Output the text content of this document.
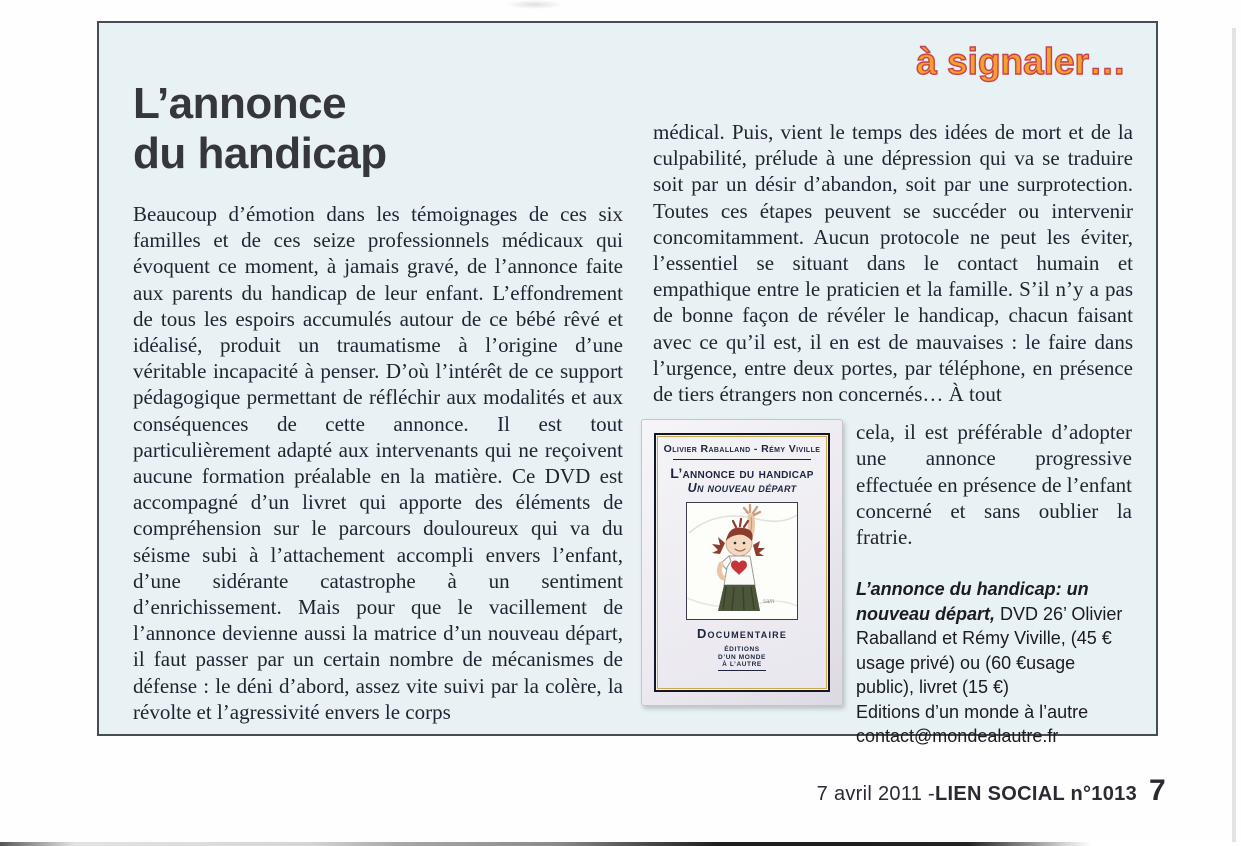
à signaler…
L’annonce
du handicap
Beaucoup d’émotion dans les témoignages de ces six familles et de ces seize professionnels médicaux qui évoquent ce moment, à jamais gravé, de l’annonce faite aux parents du handicap de leur enfant. L’effondrement de tous les espoirs accumulés autour de ce bébé rêvé et idéalisé, produit un traumatisme à l’origine d’une véritable incapacité à penser. D’où l’intérêt de ce support pédagogique permettant de réfléchir aux modalités et aux conséquences de cette annonce. Il est tout particulièrement adapté aux intervenants qui ne reçoivent aucune formation préalable en la matière. Ce DVD est accompagné d’un livret qui apporte des éléments de compréhension sur le parcours douloureux qui va du séisme subi à l’attachement accompli envers l’enfant, d’une sidérante catastrophe à un sentiment d’enrichissement. Mais pour que le vacillement de l’annonce devienne aussi la matrice d’un nouveau départ, il faut passer par un certain nombre de mécanismes de défense : le déni d’abord, assez vite suivi par la colère, la révolte et l’agressivité envers le corps

médical. Puis, vient le temps des idées de mort et de la culpabilité, prélude à une dépression qui va se traduire soit par un désir d’abandon, soit par une surprotection. Toutes ces étapes peuvent se succéder ou intervenir concomitamment. Aucun protocole ne peut les éviter, l’essentiel se situant dans le contact humain et empathique entre le praticien et la famille. S’il n’y a pas de bonne façon de révéler le handicap, chacun faisant avec ce qu’il est, il en est de mauvaises : le faire dans l’urgence, entre deux portes, par téléphone, en présence de tiers étrangers non concernés… À tout

Olivier Raballand - Rémy Viville
L’annonce du handicap
Un nouveau départ
sam
Documentaire
ÉDITIONS
D’UN MONDE
À L’AUTRE

cela, il est préférable d’adopter une annonce progressive effectuée en présence de l’enfant concerné et sans oublier la fratrie.

L’annonce du handicap: un nouveau départ, DVD 26’ Olivier Raballand et Rémy Viville, (45 € usage privé) ou (60 €usage public), livret (15 €)
Editions d’un monde à l’autre
contact@mondealautre.fr
7 avril 2011 - LIEN SOCIAL n°1013 7
